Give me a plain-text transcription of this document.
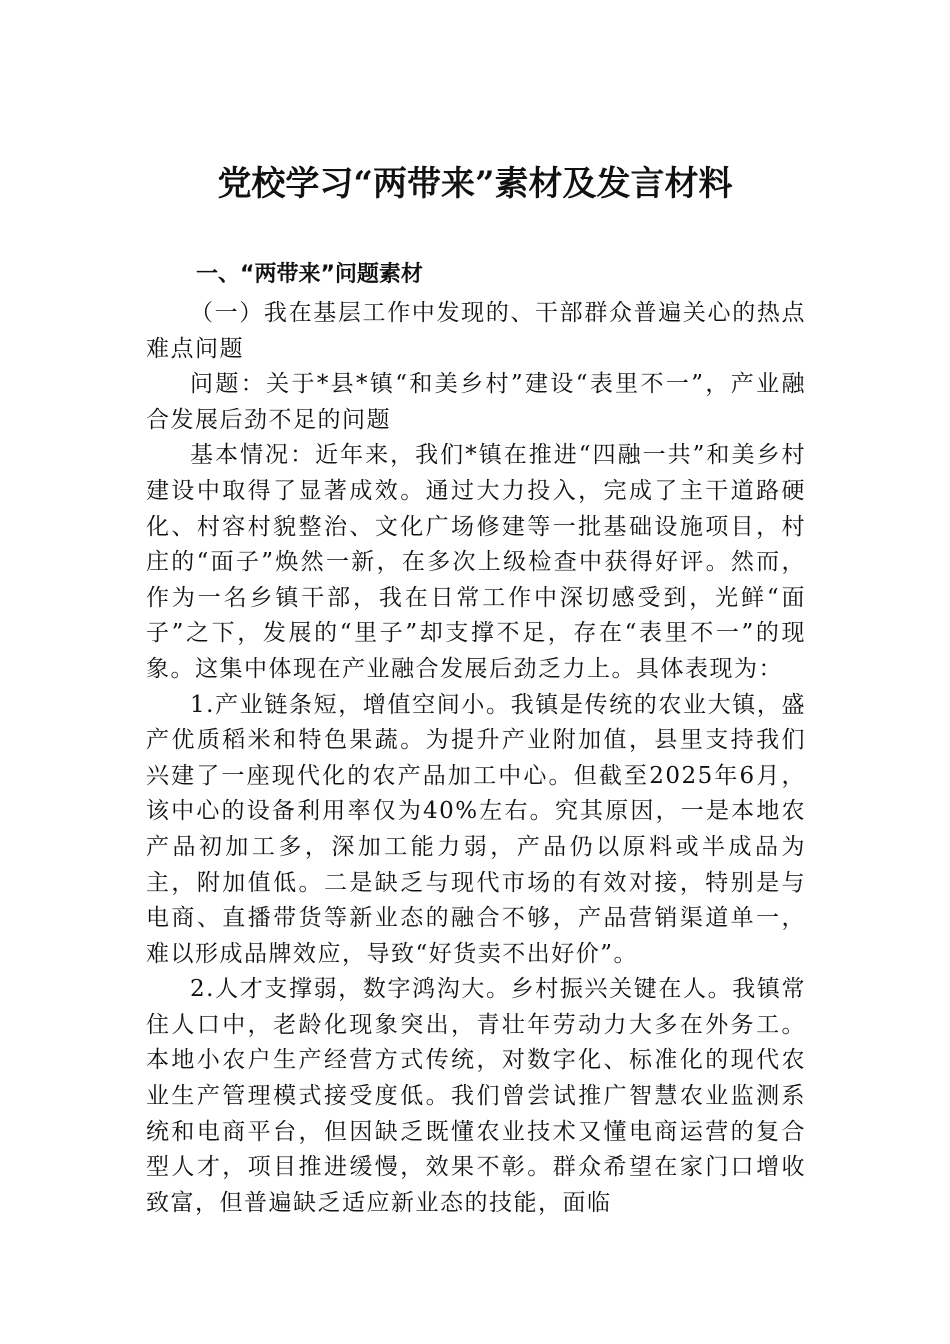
党校学习“两带来”素材及发言材料

一、“两带来”问题素材

（一）我在基层工作中发现的、干部群众普遍关心的热点难点问题

问题：关于*县*镇“和美乡村”建设“表里不一”，产业融合发展后劲不足的问题

基本情况：近年来，我们*镇在推进“四融一共”和美乡村建设中取得了显著成效。通过大力投入，完成了主干道路硬化、村容村貌整治、文化广场修建等一批基础设施项目，村庄的“面子”焕然一新，在多次上级检查中获得好评。然而，作为一名乡镇干部，我在日常工作中深切感受到，光鲜“面子”之下，发展的“里子”却支撑不足，存在“表里不一”的现象。这集中体现在产业融合发展后劲乏力上。具体表现为：

1.产业链条短，增值空间小。我镇是传统的农业大镇，盛产优质稻米和特色果蔬。为提升产业附加值，县里支持我们兴建了一座现代化的农产品加工中心。但截至2025年6月，该中心的设备利用率仅为40%左右。究其原因，一是本地农产品初加工多，深加工能力弱，产品仍以原料或半成品为主，附加值低。二是缺乏与现代市场的有效对接，特别是与电商、直播带货等新业态的融合不够，产品营销渠道单一，难以形成品牌效应，导致“好货卖不出好价”。

2.人才支撑弱，数字鸿沟大。乡村振兴关键在人。我镇常住人口中，老龄化现象突出，青壮年劳动力大多在外务工。本地小农户生产经营方式传统，对数字化、标准化的现代农业生产管理模式接受度低。我们曾尝试推广智慧农业监测系统和电商平台，但因缺乏既懂农业技术又懂电商运营的复合型人才，项目推进缓慢，效果不彰。群众希望在家门口增收致富，但普遍缺乏适应新业态的技能，面临
